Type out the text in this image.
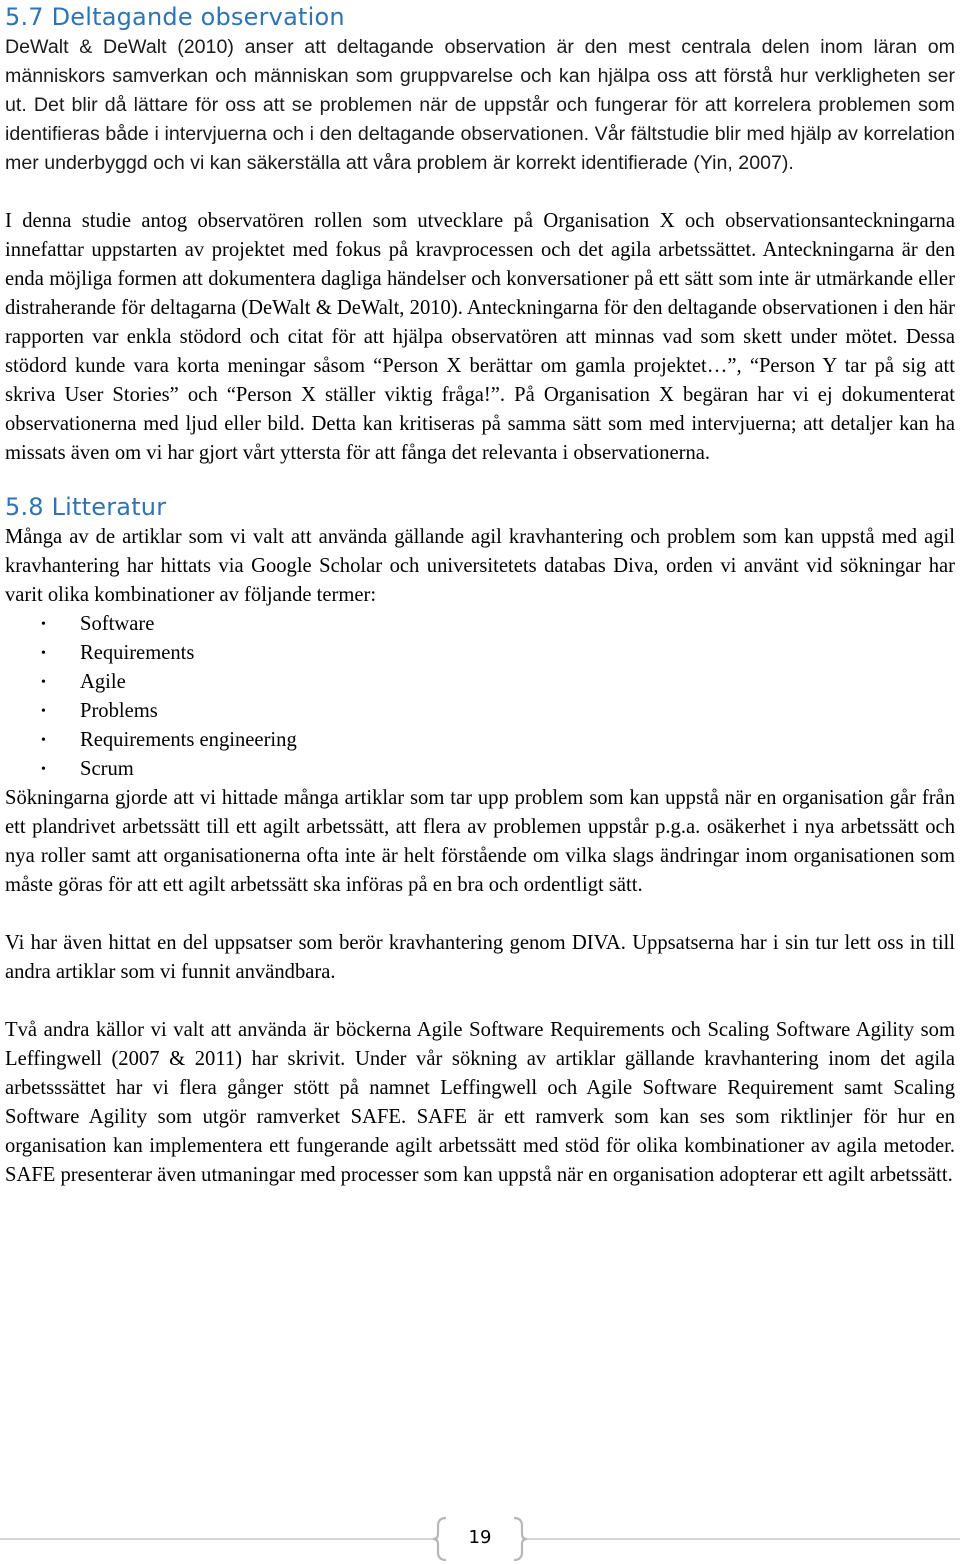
5.7 Deltagande observation

DeWalt & DeWalt (2010) anser att deltagande observation är den mest centrala delen inom läran om människors samverkan och människan som gruppvarelse och kan hjälpa oss att förstå hur verkligheten ser ut. Det blir då lättare för oss att se problemen när de uppstår och fungerar för att korrelera problemen som identifieras både i intervjuerna och i den deltagande observationen. Vår fältstudie blir med hjälp av korrelation mer underbyggd och vi kan säkerställa att våra problem är korrekt identifierade (Yin, 2007).

I denna studie antog observatören rollen som utvecklare på Organisation X och observationsanteckningarna innefattar uppstarten av projektet med fokus på kravprocessen och det agila arbetssättet. Anteckningarna är den enda möjliga formen att dokumentera dagliga händelser och konversationer på ett sätt som inte är utmärkande eller distraherande för deltagarna (DeWalt & DeWalt, 2010). Anteckningarna för den deltagande observationen i den här rapporten var enkla stödord och citat för att hjälpa observatören att minnas vad som skett under mötet. Dessa stödord kunde vara korta meningar såsom “Person X berättar om gamla projektet…”, “Person Y tar på sig att skriva User Stories” och “Person X ställer viktig fråga!”. På Organisation X begäran har vi ej dokumenterat observationerna med ljud eller bild. Detta kan kritiseras på samma sätt som med intervjuerna; att detaljer kan ha missats även om vi har gjort vårt yttersta för att fånga det relevanta i observationerna.

5.8 Litteratur

Många av de artiklar som vi valt att använda gällande agil kravhantering och problem som kan uppstå med agil kravhantering har hittats via Google Scholar och universitetets databas Diva, orden vi använt vid sökningar har varit olika kombinationer av följande termer:

• Software
• Requirements
• Agile
• Problems
• Requirements engineering
• Scrum

Sökningarna gjorde att vi hittade många artiklar som tar upp problem som kan uppstå när en organisation går från ett plandrivet arbetssätt till ett agilt arbetssätt, att flera av problemen uppstår p.g.a. osäkerhet i nya arbetssätt och nya roller samt att organisationerna ofta inte är helt förstående om vilka slags ändringar inom organisationen som måste göras för att ett agilt arbetssätt ska införas på en bra och ordentligt sätt.

Vi har även hittat en del uppsatser som berör kravhantering genom DIVA. Uppsatserna har i sin tur lett oss in till andra artiklar som vi funnit användbara.

Två andra källor vi valt att använda är böckerna Agile Software Requirements och Scaling Software Agility som Leffingwell (2007 & 2011) har skrivit. Under vår sökning av artiklar gällande kravhantering inom det agila arbetsssättet har vi flera gånger stött på namnet Leffingwell och Agile Software Requirement samt Scaling Software Agility som utgör ramverket SAFE. SAFE är ett ramverk som kan ses som riktlinjer för hur en organisation kan implementera ett fungerande agilt arbetssätt med stöd för olika kombinationer av agila metoder. SAFE presenterar även utmaningar med processer som kan uppstå när en organisation adopterar ett agilt arbetssätt.

19
